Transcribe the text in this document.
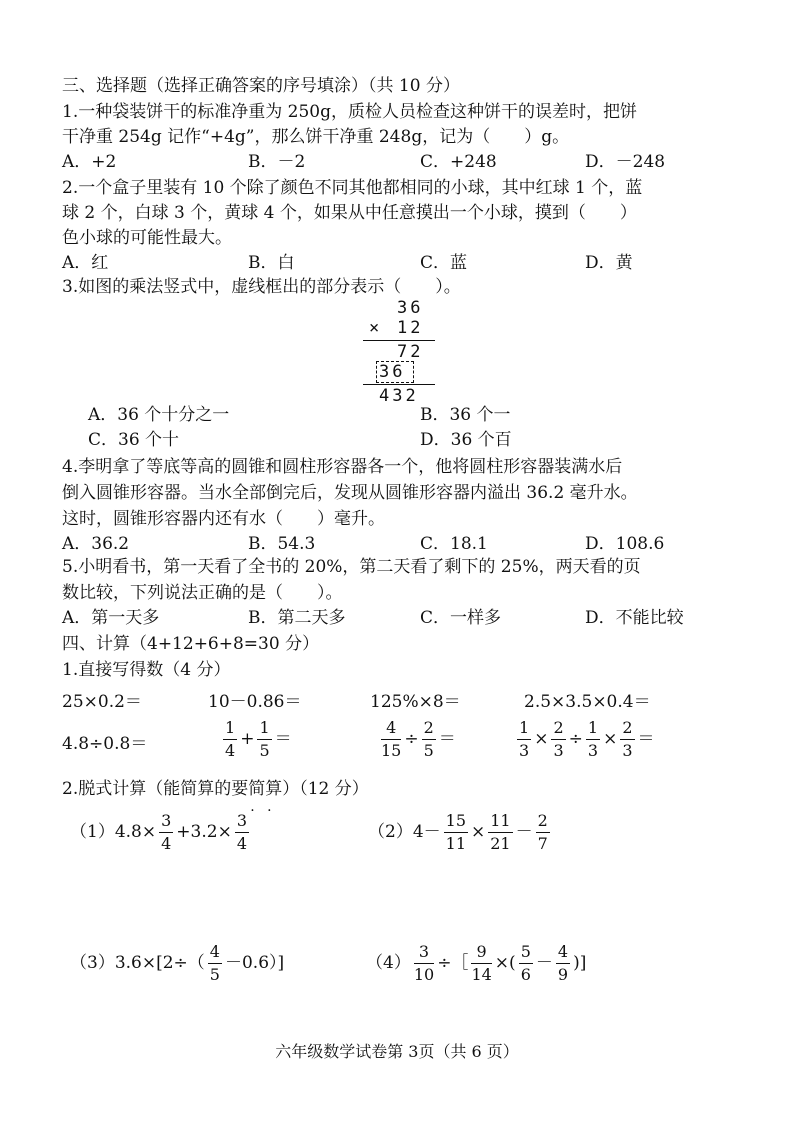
三、选择题（选择正确答案的序号填涂）（共 10 分）
1.一种袋装饼干的标准净重为 250g，质检人员检查这种饼干的误差时，把饼
干净重 254g 记作“+4g”，那么饼干净重 248g，记为（　　）g。
A．+2	B．－2	C．+248	D．－248
2.一个盒子里装有 10 个除了颜色不同其他都相同的小球，其中红球 1 个，蓝
球 2 个，白球 3 个，黄球 4 个，如果从中任意摸出一个小球，摸到（　　）
色小球的可能性最大。
A．红	B．白	C．蓝	D．黄
3.如图的乘法竖式中，虚线框出的部分表示（　　）。
36
× 12
72
36
432
A．36 个十分之一	B．36 个一
C．36 个十	D．36 个百
4.李明拿了等底等高的圆锥和圆柱形容器各一个，他将圆柱形容器装满水后
倒入圆锥形容器。当水全部倒完后，发现从圆锥形容器内溢出 36.2 毫升水。
这时，圆锥形容器内还有水（　　）毫升。
A．36.2	B．54.3	C．18.1	D．108.6
5.小明看书，第一天看了全书的 20%，第二天看了剩下的 25%，两天看的页
数比较，下列说法正确的是（　　）。
A．第一天多	B．第二天多	C．一样多	D．不能比较
四、计算（4+12+6+8=30 分）
1.直接写得数（4 分）
25×0.2＝	10－0.86＝	125%×8＝	2.5×3.5×0.4＝
4.8÷0.8＝	$\frac{1}{4} + \frac{1}{5}$ ＝	$\frac{4}{15} \div \frac{2}{5}$ ＝	$\frac{1}{3} \times \frac{2}{3} \div \frac{1}{3} \times \frac{2}{3}$ ＝
2.脱式计算（能简算的要简算 · ·）（12 分）
$(1)4.8\times \frac{3}{4} +3.2\times \frac{3}{4}$	$(2)4- \frac{15}{11} \times \frac{11}{21} - \frac{2}{7}$
$(3)3.6\times[2\div( \frac{4}{5} -0.6)]$	$(4) \frac{3}{10}$ ÷［ $\frac{9}{14}$ ×( $\frac{5}{6} - \frac{4}{9}$ )]
六年级数学试卷第 3页（共 6 页）
